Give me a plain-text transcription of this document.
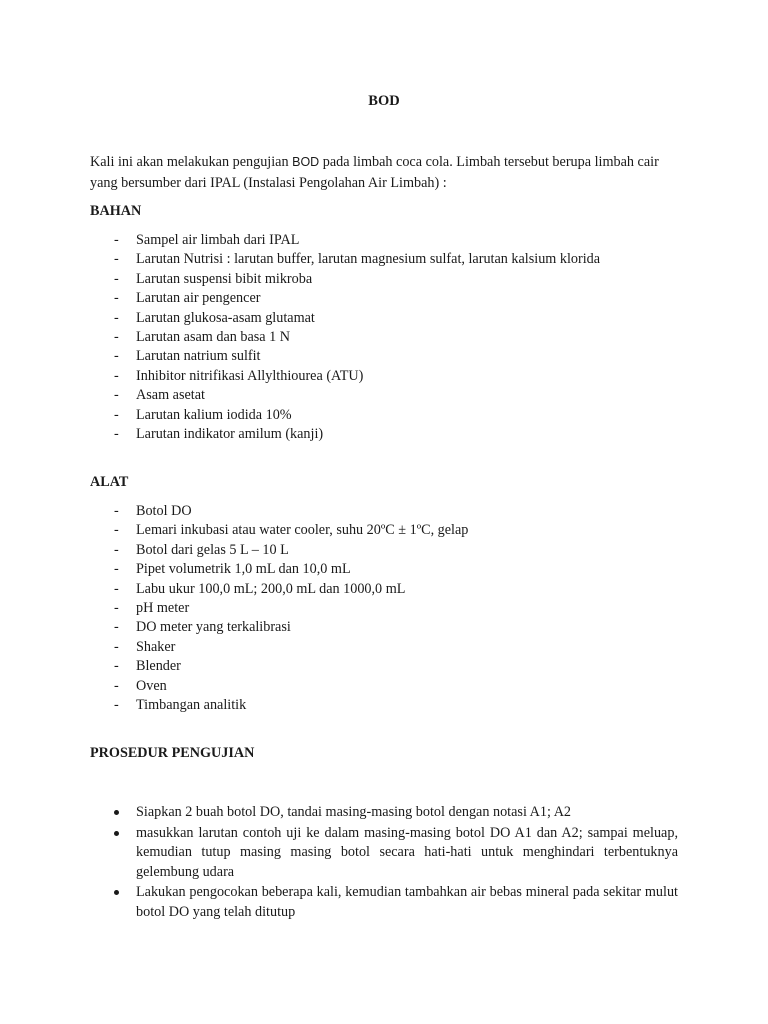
BOD

Kali ini akan melakukan pengujian BOD pada limbah coca cola. Limbah tersebut berupa limbah cair yang bersumber dari IPAL (Instalasi Pengolahan Air Limbah) :

BAHAN
- Sampel air limbah dari IPAL
- Larutan Nutrisi : larutan buffer, larutan magnesium sulfat, larutan kalsium klorida
- Larutan suspensi bibit mikroba
- Larutan air pengencer
- Larutan glukosa-asam glutamat
- Larutan asam dan basa 1 N
- Larutan natrium sulfit
- Inhibitor nitrifikasi Allylthiourea (ATU)
- Asam asetat
- Larutan kalium iodida 10%
- Larutan indikator amilum (kanji)
ALAT
- Botol DO
- Lemari inkubasi atau water cooler, suhu 20ºC ± 1ºC, gelap
- Botol dari gelas 5 L – 10 L
- Pipet volumetrik 1,0 mL dan 10,0 mL
- Labu ukur 100,0 mL; 200,0 mL dan 1000,0 mL
- pH meter
- DO meter yang terkalibrasi
- Shaker
- Blender
- Oven
- Timbangan analitik
PROSEDUR PENGUJIAN
Siapkan 2 buah botol DO, tandai masing-masing botol dengan notasi A1; A2
masukkan larutan contoh uji ke dalam masing-masing botol DO A1 dan A2; sampai meluap, kemudian tutup masing masing botol secara hati-hati untuk menghindari terbentuknya gelembung udara
Lakukan pengocokan beberapa kali, kemudian tambahkan air bebas mineral pada sekitar mulut botol DO yang telah ditutup
